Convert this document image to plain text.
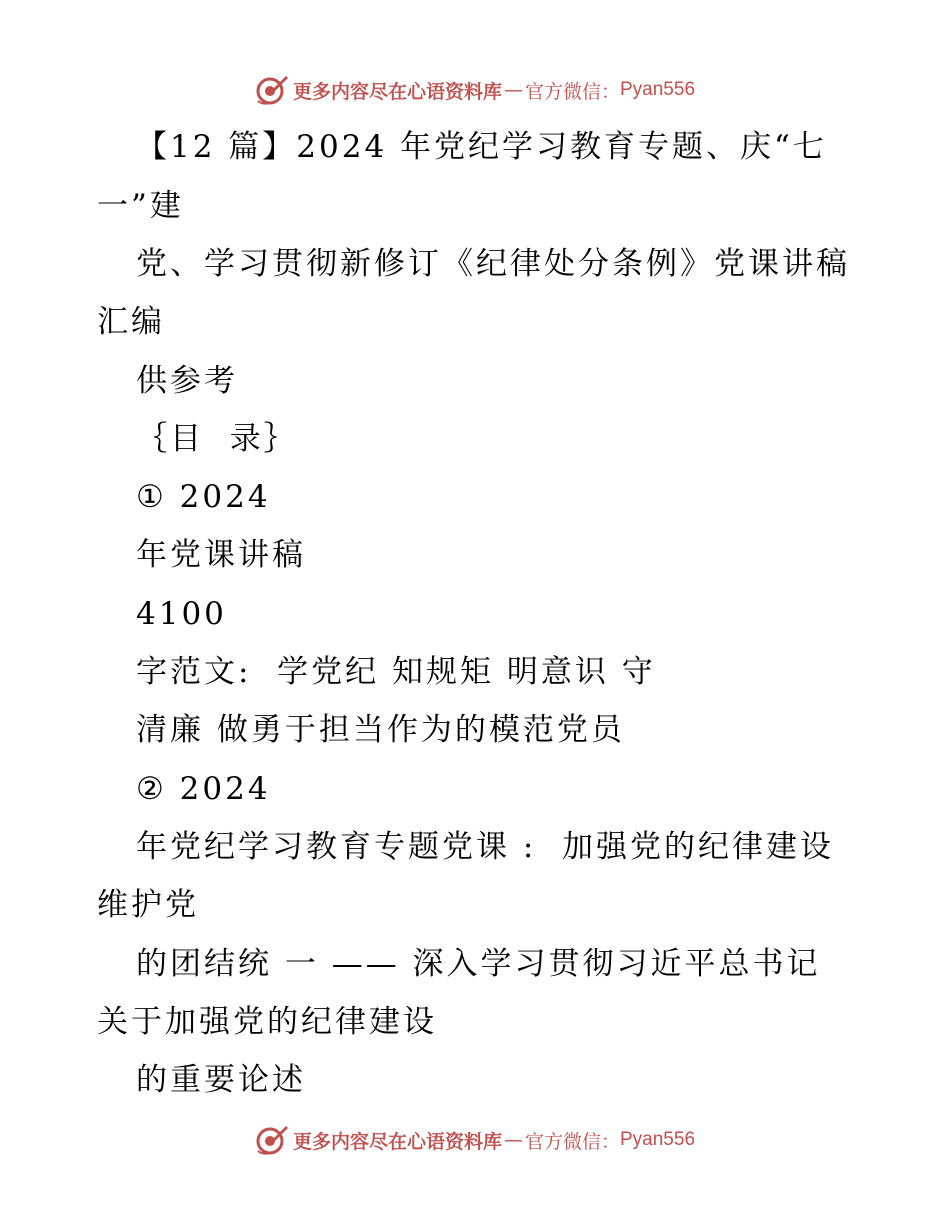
更多内容尽在心语资料库 — 官方微信： Pyan556
【12 篇】2024 年党纪学习教育专题、庆“七
一”建
党、学习贯彻新修订《纪律处分条例》党课讲稿
汇编
供参考
｛目  录｝
① 2024
年党课讲稿
4100
字范文:  学党纪 知规矩 明意识 守
清廉 做勇于担当作为的模范党员
② 2024
年党纪学习教育专题党课 :  加强党的纪律建设
维护党
的团结统 一 —— 深入学习贯彻习近平总书记
关于加强党的纪律建设
的重要论述
更多内容尽在心语资料库 — 官方微信： Pyan556
